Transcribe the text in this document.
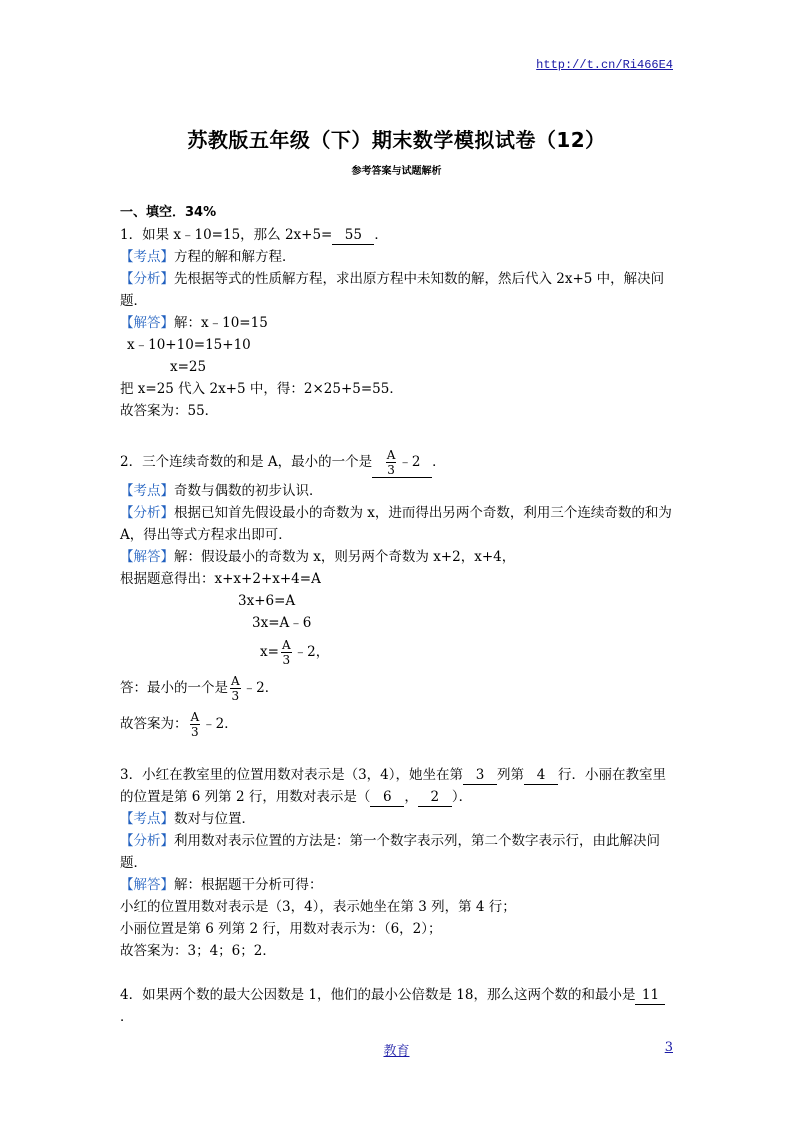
http://t.cn/Ri466E4
苏教版五年级（下）期末数学模拟试卷（12）
参考答案与试题解析
一、填空．34%
1．如果 x﹣10=15，那么 2x+5= 55 ．
【考点】方程的解和解方程．
【分析】先根据等式的性质解方程，求出原方程中未知数的解，然后代入 2x+5 中，解决问题．
【解答】解：x﹣10=15
x﹣10+10=15+10
x=25
把 x=25 代入 2x+5 中，得：2×25+5=55．
故答案为：55．
2．三个连续奇数的和是 A，最小的一个是 $\frac{A}{3}$ ﹣2 ．
【考点】奇数与偶数的初步认识．
【分析】根据已知首先假设最小的奇数为 x，进而得出另两个奇数，利用三个连续奇数的和为 A，得出等式方程求出即可．
【解答】解：假设最小的奇数为 x，则另两个奇数为 x+2，x+4，
根据题意得出：x+x+2+x+4=A
3x+6=A
3x=A﹣6
$x= \frac{A}{3}$ ﹣2，
答：最小的一个是 $\frac{A}{3}$ ﹣2．
故答案为： $\frac{A}{3}$ ﹣2．
3．小红在教室里的位置用数对表示是（3，4），她坐在第 3 列第 4 行．小丽在教室里
的位置是第 6 列第 2 行，用数对表示是（ 6 ， 2 ）．
【考点】数对与位置．
【分析】利用数对表示位置的方法是：第一个数字表示列，第二个数字表示行，由此解决问题．
【解答】解：根据题干分析可得：
小红的位置用数对表示是（3，4），表示她坐在第 3 列，第 4 行；
小丽位置是第 6 列第 2 行，用数对表示为：（6，2）；
故答案为：3；4；6；2．
4．如果两个数的最大公因数是 1，他们的最小公倍数是 18，那么这两个数的和最小是 11．
教育	3
